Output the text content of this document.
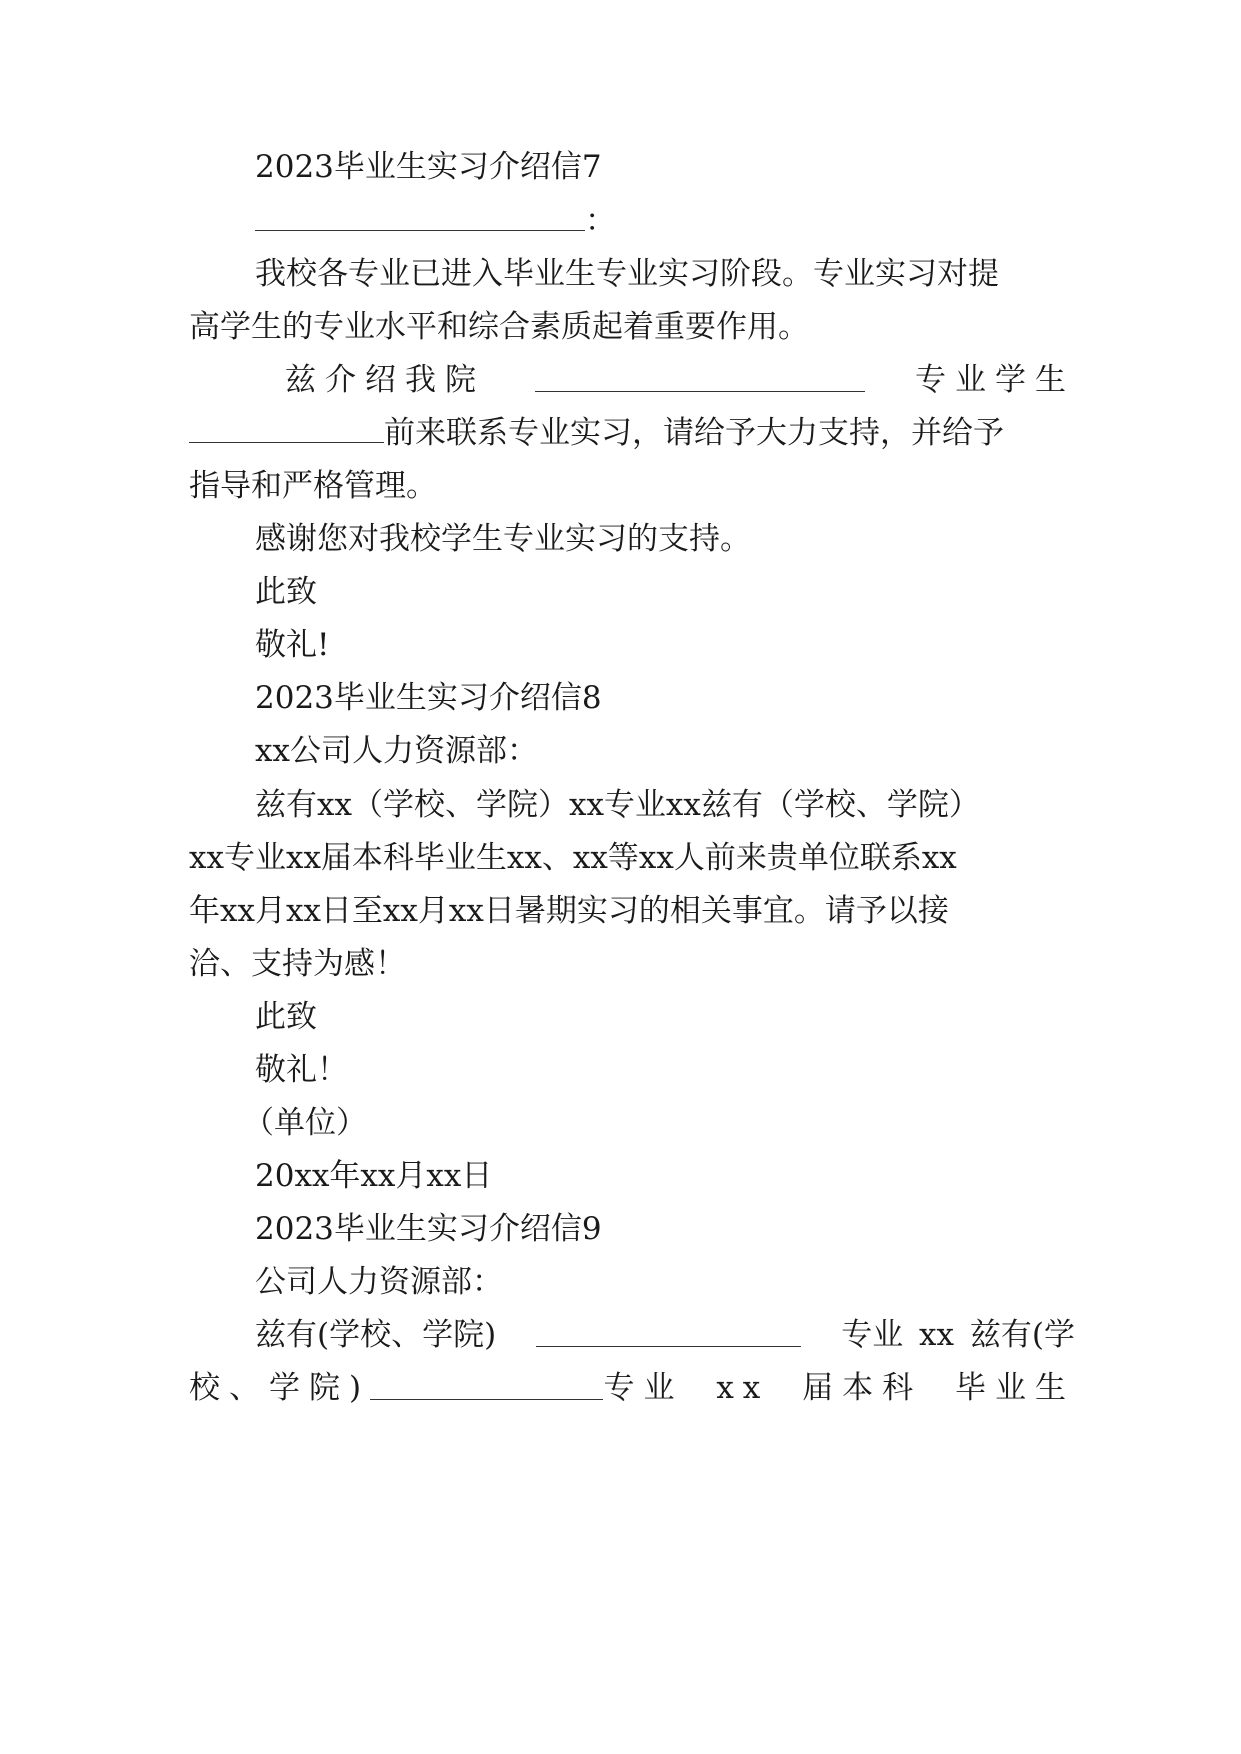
2023毕业生实习介绍信7
：
我校各专业已进入毕业生专业实习阶段。专业实习对提
高学生的专业水平和综合素质起着重要作用。
兹介绍我院	专业学生
前来联系专业实习，请给予大力支持，并给予
指导和严格管理。
感谢您对我校学生专业实习的支持。
此致
敬礼!
2023毕业生实习介绍信8
xx公司人力资源部：
兹有xx（学校、学院）xx专业xx兹有（学校、学院）
xx专业xx届本科毕业生xx、xx等xx人前来贵单位联系xx
年xx月xx日至xx月xx日暑期实习的相关事宜。请予以接
洽、支持为感！
此致
敬礼！
（单位）
20xx年xx月xx日
2023毕业生实习介绍信9
公司人力资源部：
兹有(学校、学院)	专业 xx 兹有(学
校、学院)	专业 xx 届本科 毕业生
